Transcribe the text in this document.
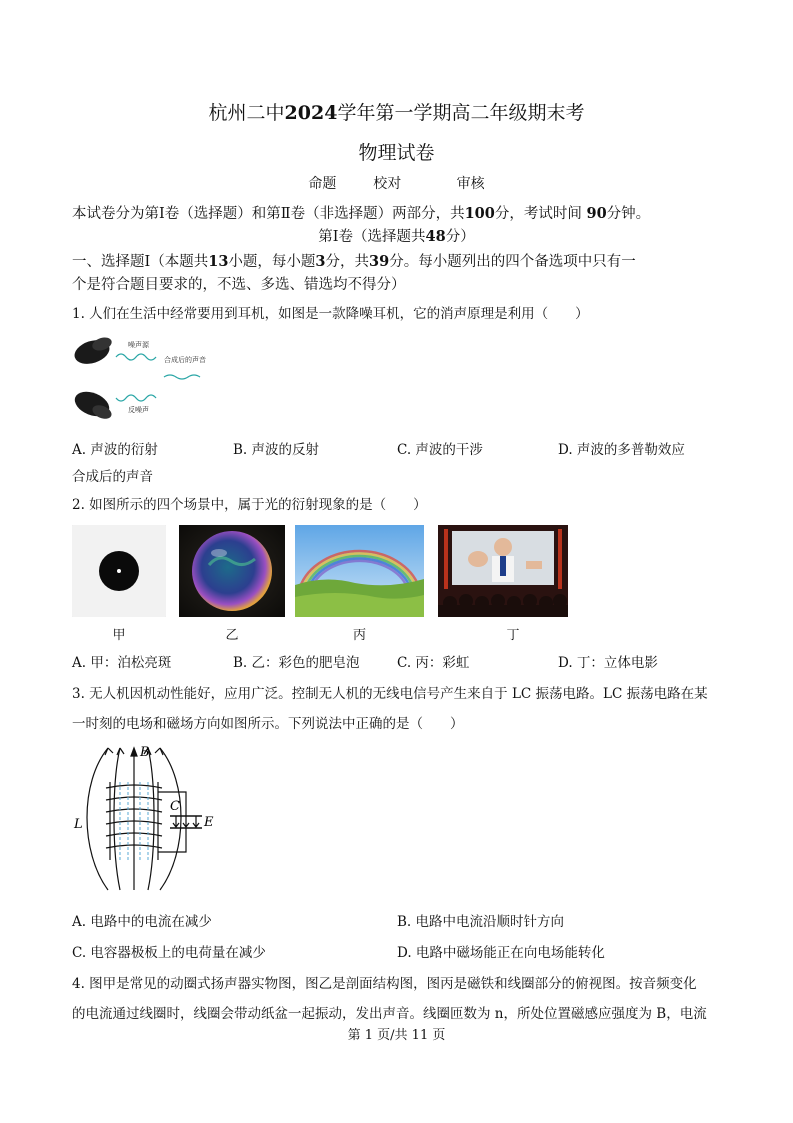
杭州二中2024学年第一学期高二年级期末考
物理试卷
命题	校对	审核
本试卷分为第Ⅰ卷（选择题）和第Ⅱ卷（非选择题）两部分，共100分，考试时间 90分钟。
第Ⅰ卷（选择题共48分）
一、选择题Ⅰ（本题共13小题，每小题3分，共39分。每小题列出的四个备选项中只有一
个是符合题目要求的，不选、多选、错选均不得分）
1. 人们在生活中经常要用到耳机，如图是一款降噪耳机，它的消声原理是利用（　　）
噪声源
合成后的声音
反噪声
A. 声波的衍射	B. 声波的反射	C. 声波的干涉	D. 声波的多普勒效应
合成后的声音
2. 如图所示的四个场景中，属于光的衍射现象的是（　　）
甲	乙	丙	丁
A. 甲：泊松亮斑	B. 乙：彩色的肥皂泡	C. 丙：彩虹	D. 丁：立体电影
3. 无人机因机动性能好，应用广泛。控制无人机的无线电信号产生来自于 LC 振荡电路。LC 振荡电路在某
一时刻的电场和磁场方向如图所示。下列说法中正确的是（　　）
B
C
E
L
A. 电路中的电流在减少	B. 电路中电流沿顺时针方向
C. 电容器极板上的电荷量在减少	D. 电路中磁场能正在向电场能转化
4. 图甲是常见的动圈式扬声器实物图，图乙是剖面结构图，图丙是磁铁和线圈部分的俯视图。按音频变化
的电流通过线圈时，线圈会带动纸盆一起振动，发出声音。线圈匝数为 n，所处位置磁感应强度为 B，电流
第 1 页/共 11 页
